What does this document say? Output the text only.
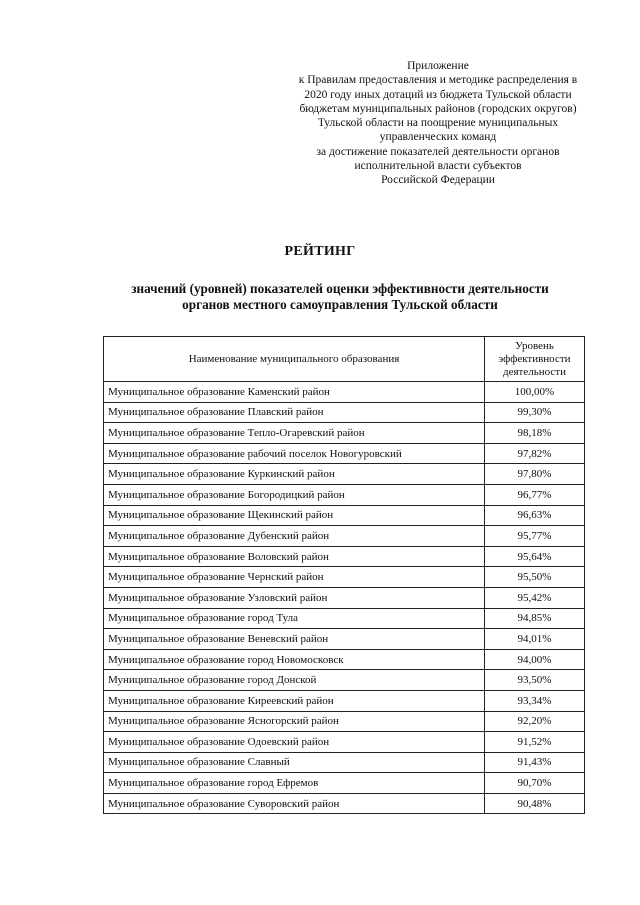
Приложение
к Правилам предоставления и методике распределения в
2020 году иных дотаций из бюджета Тульской области
бюджетам муниципальных районов (городских округов)
Тульской области на поощрение муниципальных
управленческих команд
за достижение показателей деятельности органов
исполнительной власти субъектов
Российской Федерации
РЕЙТИНГ
значений (уровней) показателей оценки эффективности деятельности
органов местного самоуправления Тульской области
Наименование муниципального образования	Уровень
эффективности
деятельности

Муниципальное образование Каменский район	100,00%
Муниципальное образование Плавский район	99,30%
Муниципальное образование Тепло-Огаревский район	98,18%
Муниципальное образование рабочий поселок Новогуровский	97,82%
Муниципальное образование Куркинский район	97,80%
Муниципальное образование Богородицкий район	96,77%
Муниципальное образование Щекинский район	96,63%
Муниципальное образование Дубенский район	95,77%
Муниципальное образование Воловский район	95,64%
Муниципальное образование Чернский район	95,50%
Муниципальное образование Узловский район	95,42%
Муниципальное образование город Тула	94,85%
Муниципальное образование Веневский район	94,01%
Муниципальное образование город Новомосковск	94,00%
Муниципальное образование город Донской	93,50%
Муниципальное образование Киреевский район	93,34%
Муниципальное образование Ясногорский район	92,20%
Муниципальное образование Одоевский район	91,52%
Муниципальное образование Славный	91,43%
Муниципальное образование город Ефремов	90,70%
Муниципальное образование Суворовский район	90,48%
